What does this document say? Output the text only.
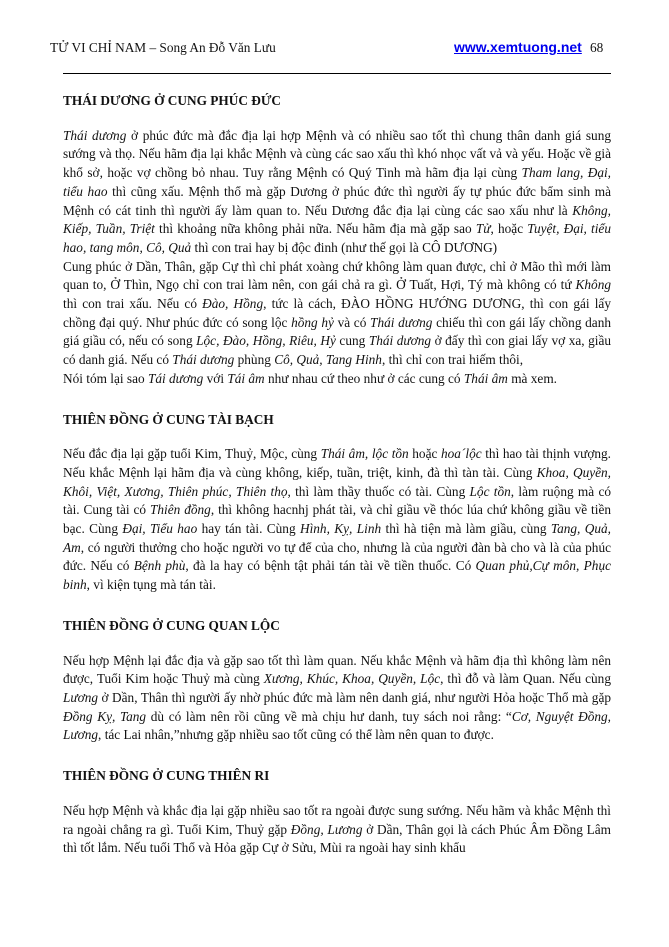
TỬ VI CHỈ NAM – Song An Đỗ Văn Lưu	www.xemtuong.net 68
THÁI DƯƠNG Ở CUNG PHÚC ĐỨC

Thái dương ở phúc đức mà đắc địa lại hợp Mệnh và có nhiều sao tốt thì chung thân danh giá sung sướng và thọ. Nếu hãm địa lại khắc Mệnh và cùng các sao xấu thì khó nhọc vất vả và yếu. Hoặc về già khổ sở, hoặc vợ chồng bỏ nhau. Tuy rằng Mệnh có Quý Tinh mà hãm địa lại cùng Tham lang, Đại, tiểu hao thì cũng xấu. Mệnh thổ mà gặp Dương ở phúc đức thì người ấy tự phúc đức bẩm sinh mà Mệnh có cát tinh thì người ấy làm quan to. Nếu Dương đắc địa lại cùng các sao xấu như là Không, Kiếp, Tuần, Triệt thì khoảng nữa không phải nữa. Nếu hãm địa mà gặp sao Tử, hoặc Tuyệt, Đại, tiểu hao, tang môn, Cô, Quả thì con trai hay bị độc đinh (như thế gọi là CÔ DƯƠNG)

Cung phúc ở Dần, Thân, gặp Cự thì chỉ phát xoàng chứ không làm quan được, chỉ ở Mão thì mới làm quan to, Ở Thìn, Ngọ chỉ con trai làm nên, con gái chả ra gì. Ở Tuất, Hợi, Tý mà không có tứ Không thì con trai xấu. Nếu có Đào, Hồng, tức là cách, ĐÀO HỒNG HƯỚNG DƯƠNG, thì con gái lấy chồng đại quý. Như phúc đức có song lộc hồng hỷ và có Thái dương chiếu thì con gái lấy chồng danh giá giầu có, nếu có song Lộc, Đào, Hồng, Riêu, Hỷ cung Thái dương ở đấy thì con giai lấy vợ xa, giầu có danh giá. Nếu có Thái dương phùng Cô, Quả, Tang Hinh, thì chỉ con trai hiếm thôi,

Nói tóm lại sao Tái dương với Tái âm như nhau cứ theo như ở các cung có Thái âm mà xem.

THIÊN ĐỒNG Ở CUNG TÀI BẠCH

Nếu đắc địa lại gặp tuổi Kim, Thuỷ, Mộc, cùng Thái âm, lộc tồn hoặc hoa´lộc thì hao tài thịnh vượng. Nếu khắc Mệnh lại hãm địa và cùng không, kiếp, tuần, triệt, kinh, đà thì tàn tài. Cùng Khoa, Quyền, Khôi, Việt, Xương, Thiên phúc, Thiên thọ, thì làm thầy thuốc có tài. Cùng Lộc tồn, làm ruộng mà có tài. Cung tài có Thiên đồng, thì không hacnhj phát tài, và chỉ giầu về thóc lúa chứ không giầu về tiền bạc. Cùng Đại, Tiểu hao hay tán tài. Cùng Hình, Kỵ, Linh thì hà tiện mà làm giầu, cùng Tang, Quả, Am, có người thưởng cho hoặc người vo tự để của cho, nhưng là của người đàn bà cho và là của phúc đức. Nếu có Bệnh phù, đà la hay có bệnh tật phải tán tài về tiền thuốc. Có Quan phủ,Cự môn, Phục binh, vì kiện tụng mà tán tài.

THIÊN ĐỒNG Ở CUNG QUAN LỘC

Nếu hợp Mệnh lại đắc địa và gặp sao tốt thì làm quan. Nếu khắc Mệnh và hãm địa thì không làm nên được, Tuổi Kim hoặc Thuỷ mà cùng Xương, Khúc, Khoa, Quyền, Lộc, thì đỗ và làm Quan. Nếu cùng Lương ở Dần, Thân thì người ấy nhờ phúc đức mà làm nên danh giá, như người Hỏa hoặc Thổ mà gặp Đồng Kỵ, Tang dù có làm nên rồi cũng về mà chịu hư danh, tuy sách noi rằng: “Cơ, Nguyệt Đồng, Lương, tác Lai nhân,”nhưng gặp nhiều sao tốt cũng có thể làm nên quan to được.

THIÊN ĐỒNG Ở CUNG THIÊN RI

Nếu hợp Mệnh và khắc địa lại gặp nhiều sao tốt ra ngoài được sung sướng. Nếu hãm và khắc Mệnh thì ra ngoài chẳng ra gì. Tuổi Kim, Thuỷ gặp Đồng, Lương ở Dần, Thân gọi là cách Phúc Âm Đồng Lâm thì tốt lắm. Nếu tuổi Thổ và Hỏa gặp Cự ở Sửu, Mùi ra ngoài hay sinh khẩu
